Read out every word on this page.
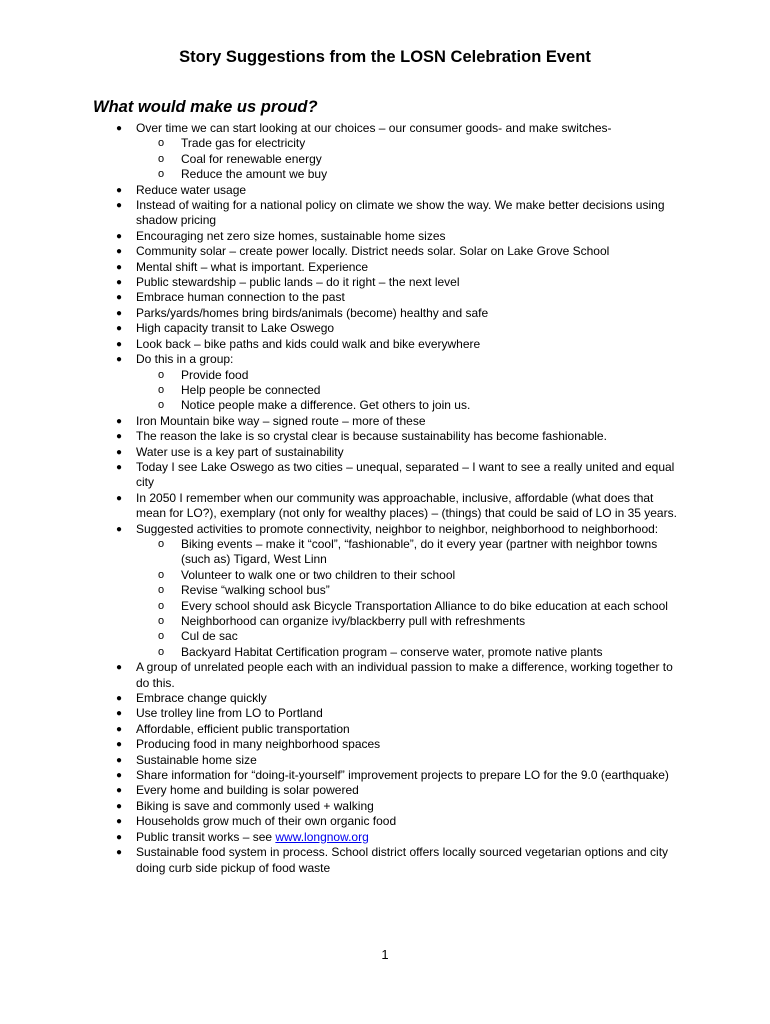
Story Suggestions from the LOSN Celebration Event
What would make us proud?
● Over time we can start looking at our choices – our consumer goods- and make switches-
o Trade gas for electricity
o Coal for renewable energy
o Reduce the amount we buy
● Reduce water usage
● Instead of waiting for a national policy on climate we show the way. We make better decisions using shadow pricing
● Encouraging net zero size homes, sustainable home sizes
● Community solar – create power locally. District needs solar. Solar on Lake Grove School
● Mental shift – what is important. Experience
● Public stewardship – public lands – do it right – the next level
● Embrace human connection to the past
● Parks/yards/homes bring birds/animals (become) healthy and safe
● High capacity transit to Lake Oswego
● Look back – bike paths and kids could walk and bike everywhere
● Do this in a group:
o Provide food
o Help people be connected
o Notice people make a difference. Get others to join us.
● Iron Mountain bike way – signed route – more of these
● The reason the lake is so crystal clear is because sustainability has become fashionable.
● Water use is a key part of sustainability
● Today I see Lake Oswego as two cities – unequal, separated – I want to see a really united and equal city
● In 2050 I remember when our community was approachable, inclusive, affordable (what does that mean for LO?), exemplary (not only for wealthy places) – (things) that could be said of LO in 35 years.
● Suggested activities to promote connectivity, neighbor to neighbor, neighborhood to neighborhood:
o Biking events – make it “cool”, “fashionable”, do it every year (partner with neighbor towns (such as) Tigard, West Linn
o Volunteer to walk one or two children to their school
o Revise “walking school bus”
o Every school should ask Bicycle Transportation Alliance to do bike education at each school
o Neighborhood can organize ivy/blackberry pull with refreshments
o Cul de sac
o Backyard Habitat Certification program – conserve water, promote native plants
● A group of unrelated people each with an individual passion to make a difference, working together to do this.
● Embrace change quickly
● Use trolley line from LO to Portland
● Affordable, efficient public transportation
● Producing food in many neighborhood spaces
● Sustainable home size
● Share information for “doing-it-yourself” improvement projects to prepare LO for the 9.0 (earthquake)
● Every home and building is solar powered
● Biking is save and commonly used + walking
● Households grow much of their own organic food
● Public transit works – see www.longnow.org
● Sustainable food system in process. School district offers locally sourced vegetarian options and city doing curb side pickup of food waste
1
